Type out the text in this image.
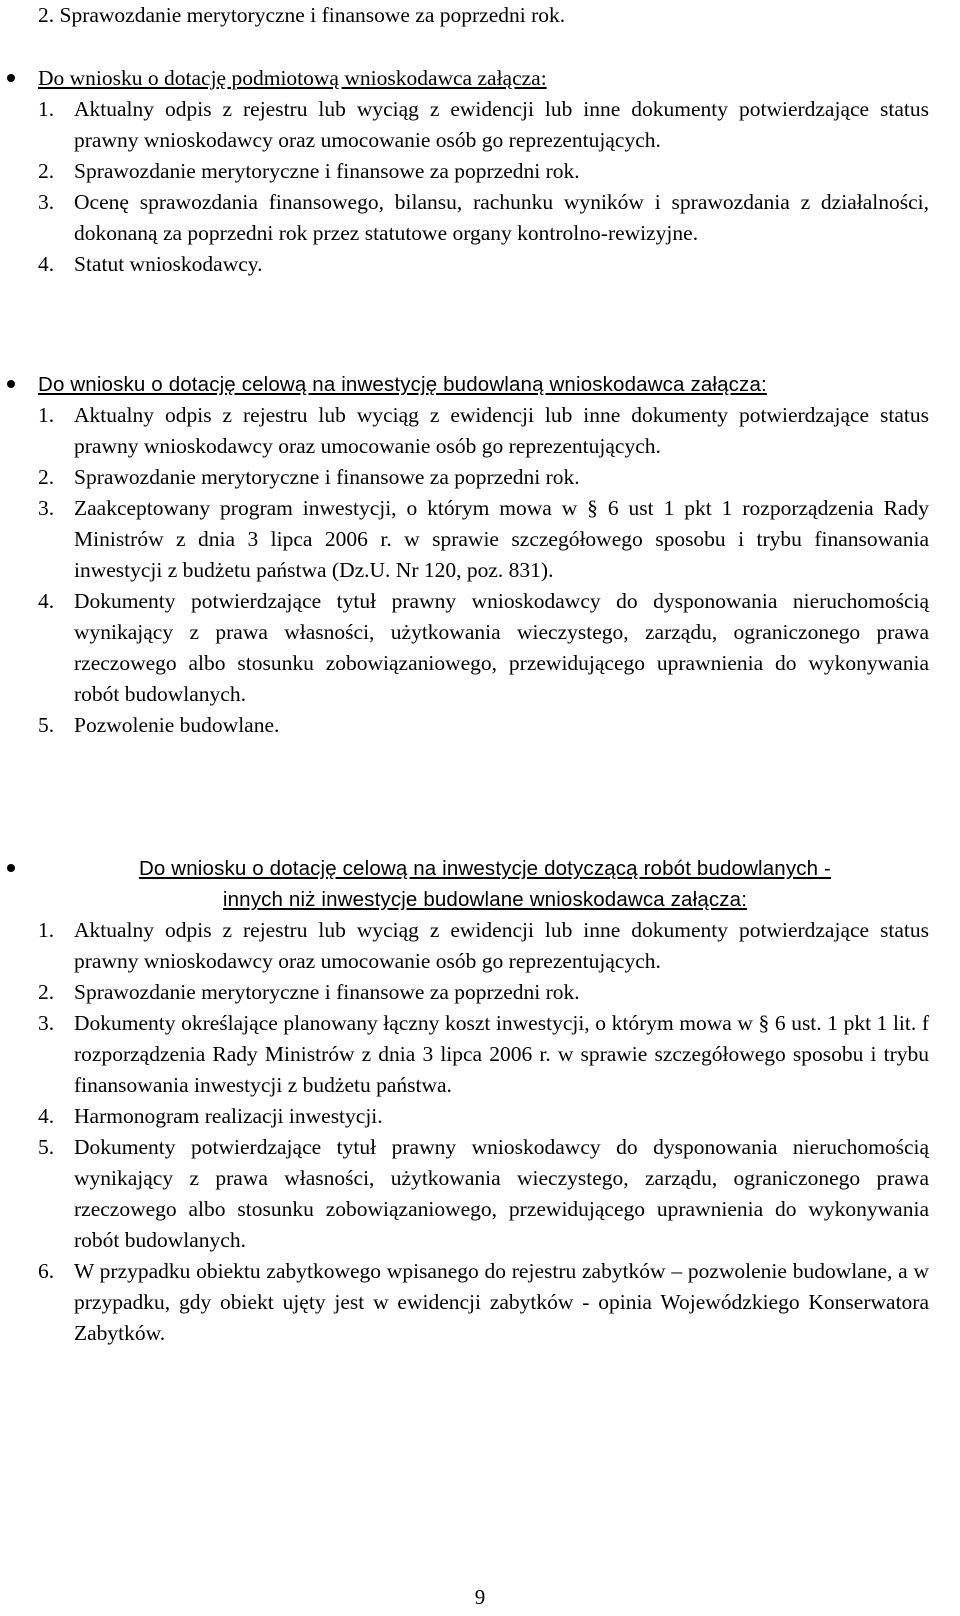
2. Sprawozdanie merytoryczne i finansowe za poprzedni rok.
Do wniosku o dotację podmiotową wnioskodawca załącza:
1. Aktualny odpis z rejestru lub wyciąg z ewidencji lub inne dokumenty potwierdzające status prawny wnioskodawcy oraz umocowanie osób go reprezentujących.
2. Sprawozdanie merytoryczne i finansowe za poprzedni rok.
3. Ocenę sprawozdania finansowego, bilansu, rachunku wyników i sprawozdania z działalności, dokonaną za poprzedni rok przez statutowe organy kontrolno-rewizyjne.
4. Statut wnioskodawcy.
Do wniosku o dotację celową na inwestycję budowlaną wnioskodawca załącza:
1. Aktualny odpis z rejestru lub wyciąg z ewidencji lub inne dokumenty potwierdzające status prawny wnioskodawcy oraz umocowanie osób go reprezentujących.
2. Sprawozdanie merytoryczne i finansowe za poprzedni rok.
3. Zaakceptowany program inwestycji, o którym mowa w § 6 ust 1 pkt 1 rozporządzenia Rady Ministrów z dnia 3 lipca 2006 r. w sprawie szczegółowego sposobu i trybu finansowania inwestycji z budżetu państwa (Dz.U. Nr 120, poz. 831).
4. Dokumenty potwierdzające tytuł prawny wnioskodawcy do dysponowania nieruchomością wynikający z prawa własności, użytkowania wieczystego, zarządu, ograniczonego prawa rzeczowego albo stosunku zobowiązaniowego, przewidującego uprawnienia do wykonywania robót budowlanych.
5. Pozwolenie budowlane.
Do wniosku o dotację celową na inwestycje dotyczącą robót budowlanych -
innych niż inwestycje budowlane wnioskodawca załącza:
1. Aktualny odpis z rejestru lub wyciąg z ewidencji lub inne dokumenty potwierdzające status prawny wnioskodawcy oraz umocowanie osób go reprezentujących.
2. Sprawozdanie merytoryczne i finansowe za poprzedni rok.
3. Dokumenty określające planowany łączny koszt inwestycji, o którym mowa w § 6 ust. 1 pkt 1 lit. f rozporządzenia Rady Ministrów z dnia 3 lipca 2006 r. w sprawie szczegółowego sposobu i trybu finansowania inwestycji z budżetu państwa.
4. Harmonogram realizacji inwestycji.
5. Dokumenty potwierdzające tytuł prawny wnioskodawcy do dysponowania nieruchomością wynikający z prawa własności, użytkowania wieczystego, zarządu, ograniczonego prawa rzeczowego albo stosunku zobowiązaniowego, przewidującego uprawnienia do wykonywania robót budowlanych.
6. W przypadku obiektu zabytkowego wpisanego do rejestru zabytków – pozwolenie budowlane, a w przypadku, gdy obiekt ujęty jest w ewidencji zabytków - opinia Wojewódzkiego Konserwatora Zabytków.
9
